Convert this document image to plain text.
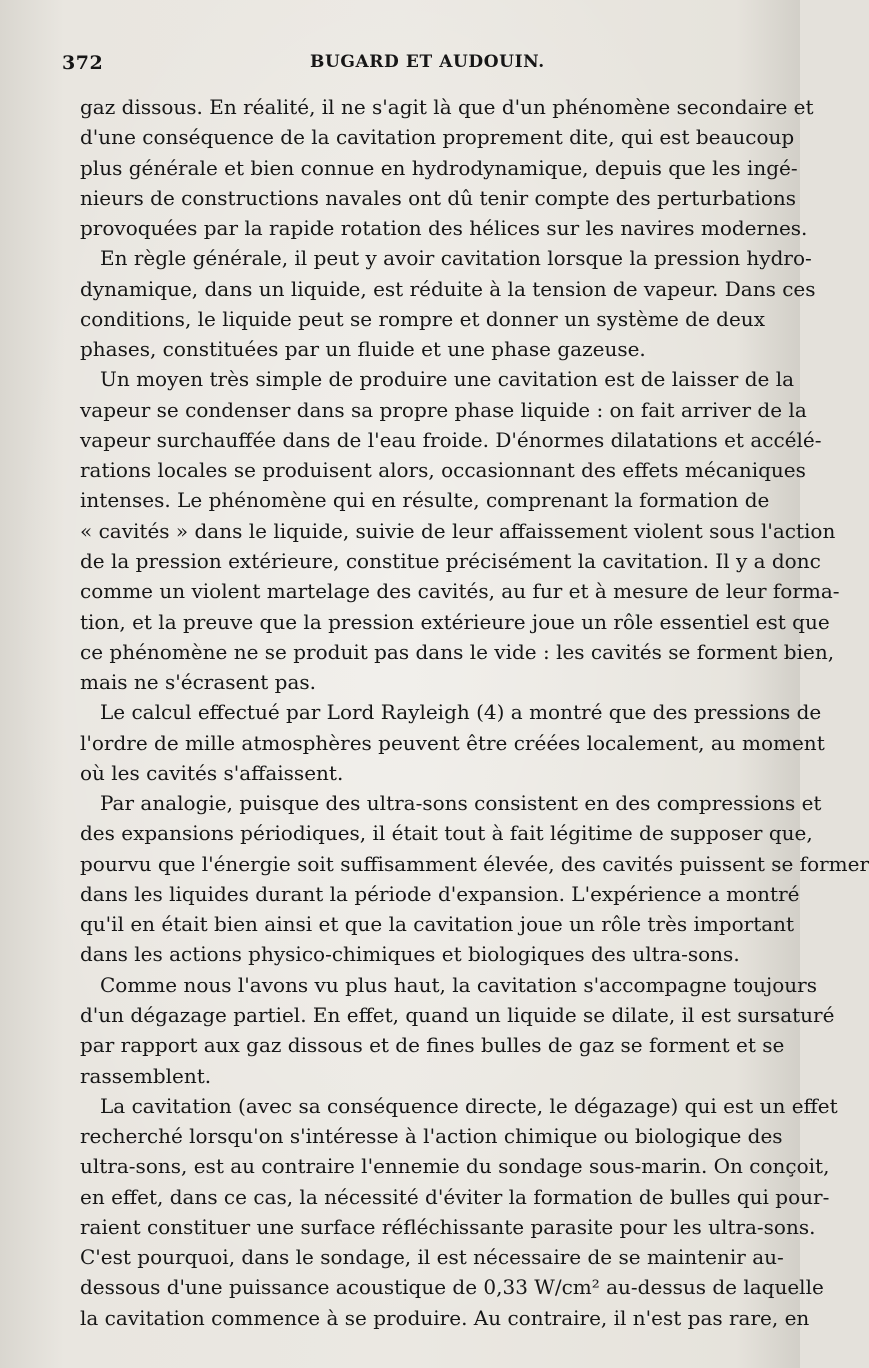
372	BUGARD ET AUDOUIN.
gaz dissous. En réalité, il ne s'agit là que d'un phénomène secondaire et
d'une conséquence de la cavitation proprement dite, qui est beaucoup
plus générale et bien connue en hydrodynamique, depuis que les ingé-
nieurs de constructions navales ont dû tenir compte des perturbations
provoquées par la rapide rotation des hélices sur les navires modernes.
En règle générale, il peut y avoir cavitation lorsque la pression hydro-
dynamique, dans un liquide, est réduite à la tension de vapeur. Dans ces
conditions, le liquide peut se rompre et donner un système de deux
phases, constituées par un fluide et une phase gazeuse.
Un moyen très simple de produire une cavitation est de laisser de la
vapeur se condenser dans sa propre phase liquide : on fait arriver de la
vapeur surchauffée dans de l'eau froide. D'énormes dilatations et accélé-
rations locales se produisent alors, occasionnant des effets mécaniques
intenses. Le phénomène qui en résulte, comprenant la formation de
« cavités » dans le liquide, suivie de leur affaissement violent sous l'action
de la pression extérieure, constitue précisément la cavitation. Il y a donc
comme un violent martelage des cavités, au fur et à mesure de leur forma-
tion, et la preuve que la pression extérieure joue un rôle essentiel est que
ce phénomène ne se produit pas dans le vide : les cavités se forment bien,
mais ne s'écrasent pas.
Le calcul effectué par Lord Rayleigh (4) a montré que des pressions de
l'ordre de mille atmosphères peuvent être créées localement, au moment
où les cavités s'affaissent.
Par analogie, puisque des ultra-sons consistent en des compressions et
des expansions périodiques, il était tout à fait légitime de supposer que,
pourvu que l'énergie soit suffisamment élevée, des cavités puissent se former
dans les liquides durant la période d'expansion. L'expérience a montré
qu'il en était bien ainsi et que la cavitation joue un rôle très important
dans les actions physico-chimiques et biologiques des ultra-sons.
Comme nous l'avons vu plus haut, la cavitation s'accompagne toujours
d'un dégazage partiel. En effet, quand un liquide se dilate, il est sursaturé
par rapport aux gaz dissous et de fines bulles de gaz se forment et se
rassemblent.
La cavitation (avec sa conséquence directe, le dégazage) qui est un effet
recherché lorsqu'on s'intéresse à l'action chimique ou biologique des
ultra-sons, est au contraire l'ennemie du sondage sous-marin. On conçoit,
en effet, dans ce cas, la nécessité d'éviter la formation de bulles qui pour-
raient constituer une surface réfléchissante parasite pour les ultra-sons.
C'est pourquoi, dans le sondage, il est nécessaire de se maintenir au-
dessous d'une puissance acoustique de 0,33 W/cm² au-dessus de laquelle
la cavitation commence à se produire. Au contraire, il n'est pas rare, en
